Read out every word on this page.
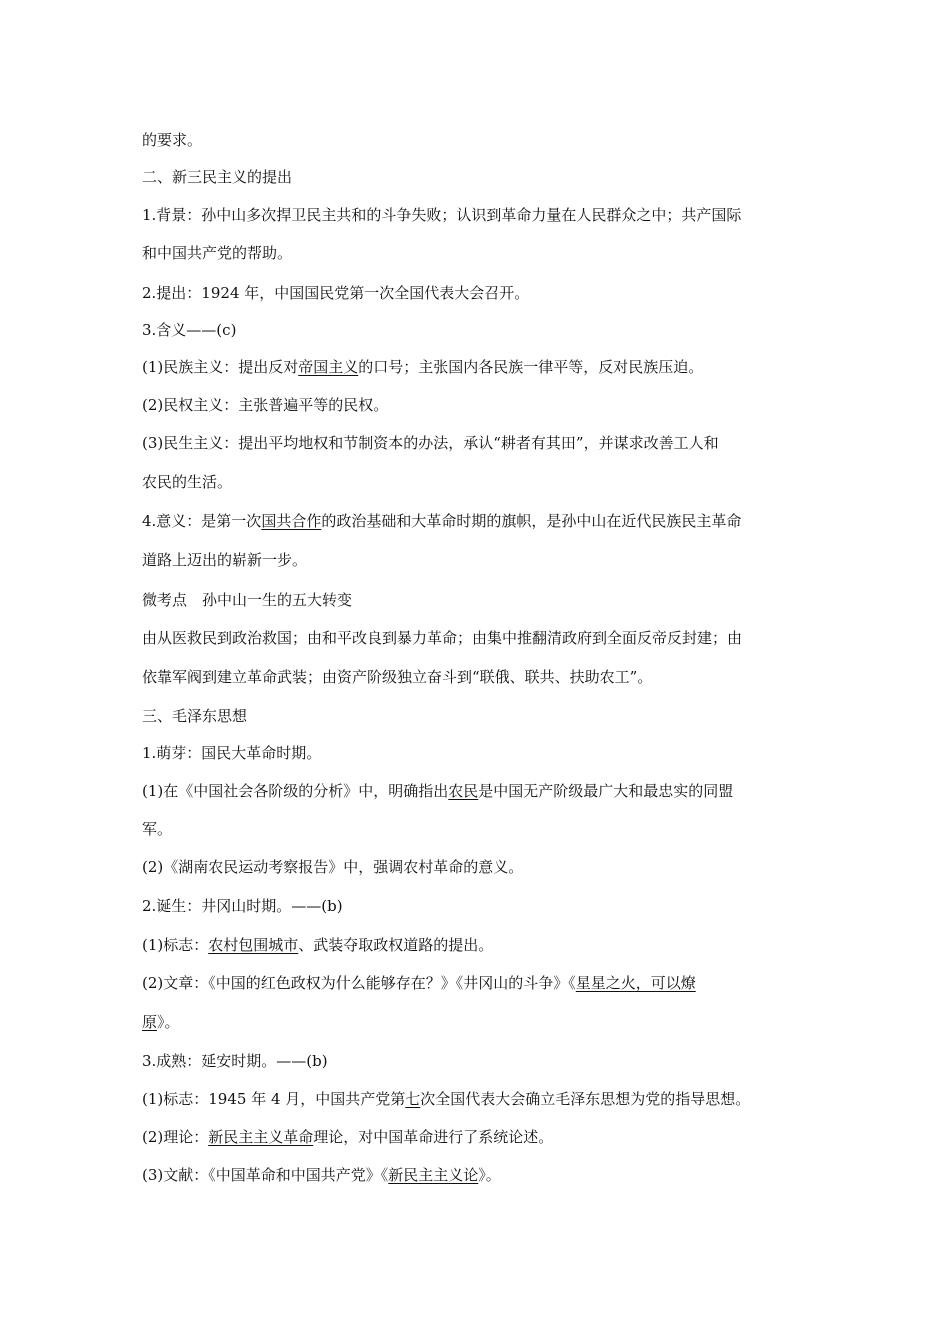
的要求。
二、新三民主义的提出
1.背景：孙中山多次捍卫民主共和的斗争失败；认识到革命力量在人民群众之中；共产国际
和中国共产党的帮助。
2.提出：1924 年，中国国民党第一次全国代表大会召开。
3.含义——(c)
(1)民族主义：提出反对帝国主义的口号；主张国内各民族一律平等，反对民族压迫。
(2)民权主义：主张普遍平等的民权。
(3)民生主义：提出平均地权和节制资本的办法，承认“耕者有其田”，并谋求改善工人和
农民的生活。
4.意义：是第一次国共合作的政治基础和大革命时期的旗帜，是孙中山在近代民族民主革命
道路上迈出的崭新一步。
微考点　孙中山一生的五大转变
由从医救民到政治救国；由和平改良到暴力革命；由集中推翻清政府到全面反帝反封建；由
依靠军阀到建立革命武装；由资产阶级独立奋斗到“联俄、联共、扶助农工”。
三、毛泽东思想
1.萌芽：国民大革命时期。
(1)在《中国社会各阶级的分析》中，明确指出农民是中国无产阶级最广大和最忠实的同盟
军。
(2)《湖南农民运动考察报告》中，强调农村革命的意义。
2.诞生：井冈山时期。——(b)
(1)标志：农村包围城市、武装夺取政权道路的提出。
(2)文章：《中国的红色政权为什么能够存在？》《井冈山的斗争》《星星之火，可以燎
原》。
3.成熟：延安时期。——(b)
(1)标志：1945 年 4 月，中国共产党第七次全国代表大会确立毛泽东思想为党的指导思想。
(2)理论：新民主主义革命理论，对中国革命进行了系统论述。
(3)文献：《中国革命和中国共产党》《新民主主义论》。
